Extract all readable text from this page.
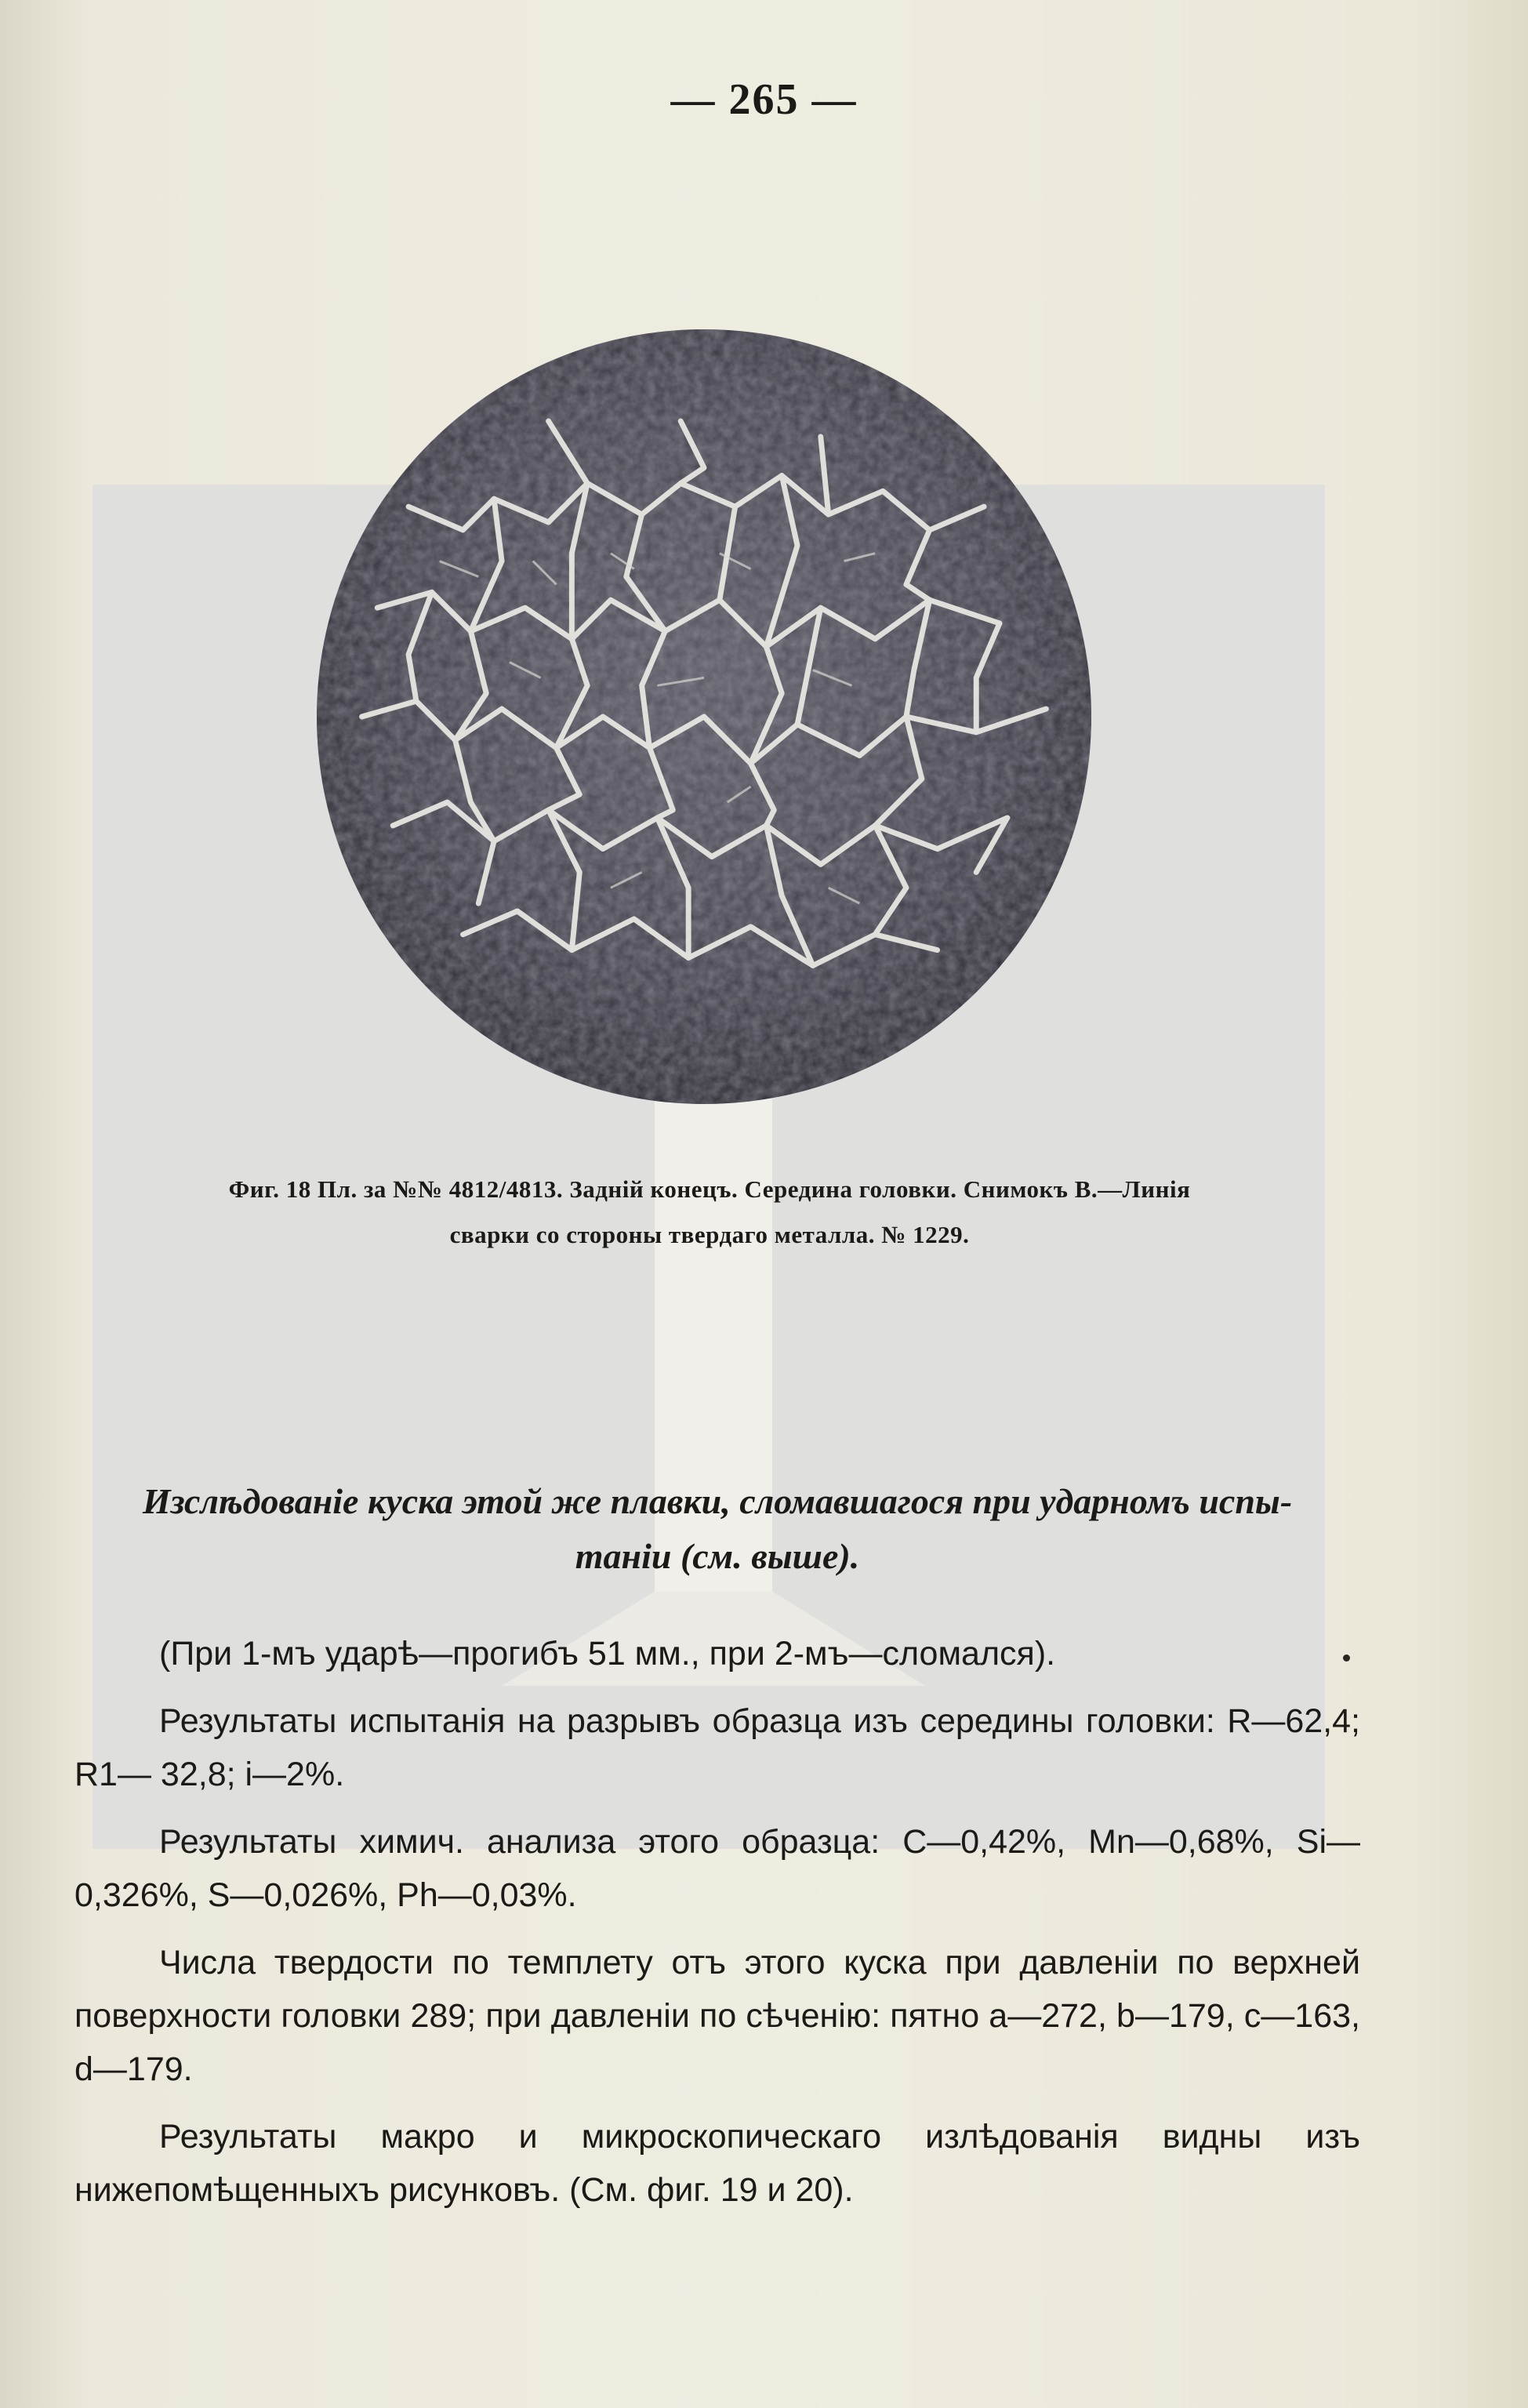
— 265 —
Фиг. 18 Пл. за №№ 4812/4813. Заднiй конецъ. Середина головки. Снимокъ В.—Линiя
сварки со стороны твердаго металла. № 1229.
Изслѣдованiе куска этой же плавки, сломавшагося при ударномъ испы-
танiи (см. выше).

(При 1-мъ ударѣ—прогибъ 51 мм., при 2-мъ—сломался).

Результаты испытанiя на разрывъ образца изъ середины головки: R—62,4; R1— 32,8; i—2%.

Результаты химич. анализа этого образца: C—0,42%, Mn—0,68%, Si—0,326%, S—0,026%, Ph—0,03%.

Числа твердости по темплету отъ этого куска при давленiи по верхней поверхности головки 289; при давленiи по сѣченiю: пятно a—272, b—179, c—163, d—179.

Результаты макро и микроскопическаго излѣдованiя видны изъ нижепомѣщенныхъ рисунковъ. (См. фиг. 19 и 20).
